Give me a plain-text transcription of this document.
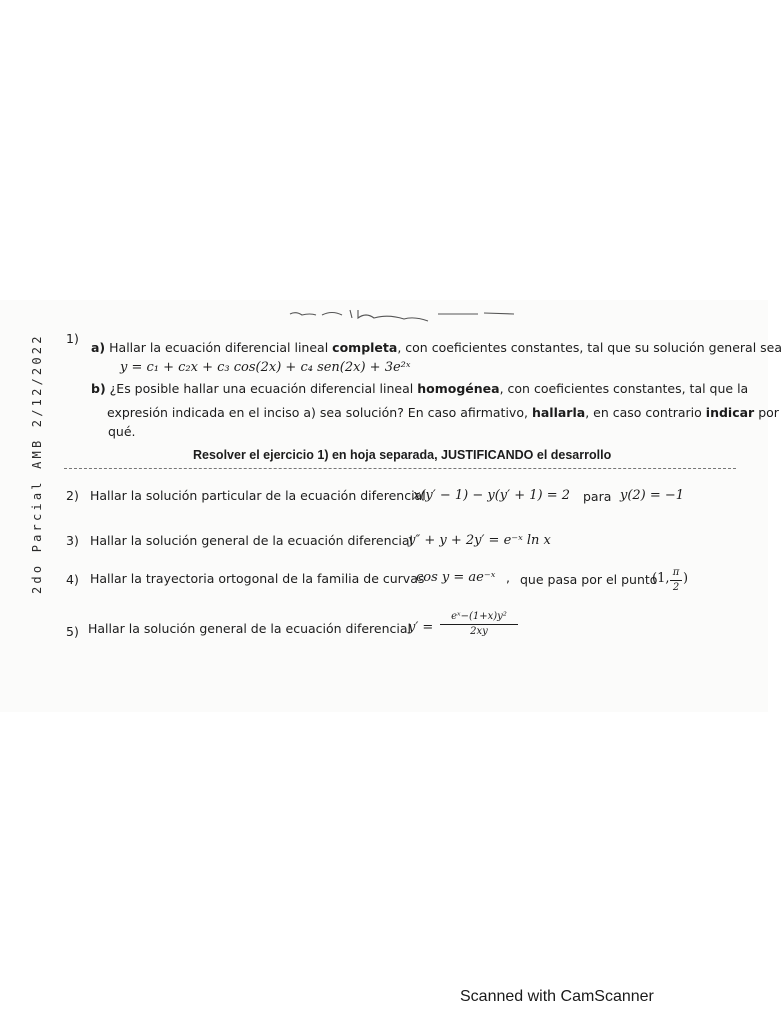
2do Parcial AMB 2/12/2022 1)
a) Hallar la ecuación diferencial lineal completa, con coeficientes constantes, tal que su solución general sea
y = c₁ + c₂x + c₃ cos(2x) + c₄ sen(2x) + 3e²ˣ
b) ¿Es posible hallar una ecuación diferencial lineal homogénea, con coeficientes constantes, tal que la
expresión indicada en el inciso a) sea solución? En caso afirmativo, hallarla, en caso contrario indicar por
qué.
Resolver el ejercicio 1) en hoja separada, JUSTIFICANDO el desarrollo
2) Hallar la solución particular de la ecuación diferencial
x(y′ − 1) − y(y′ + 1) = 2 para y(2) = −1
3) Hallar la solución general de la ecuación diferencial
y″ + y + 2y′ = e⁻ˣ ln x
4) Hallar la trayectoria ortogonal de la familia de curvas
cos y = ae⁻ˣ , que pasa por el punto
(1, π
2
)
5) Hallar la solución general de la ecuación diferencial
y′ =
eˣ−(1+x)y²
2xy
Scanned with CamScanner
